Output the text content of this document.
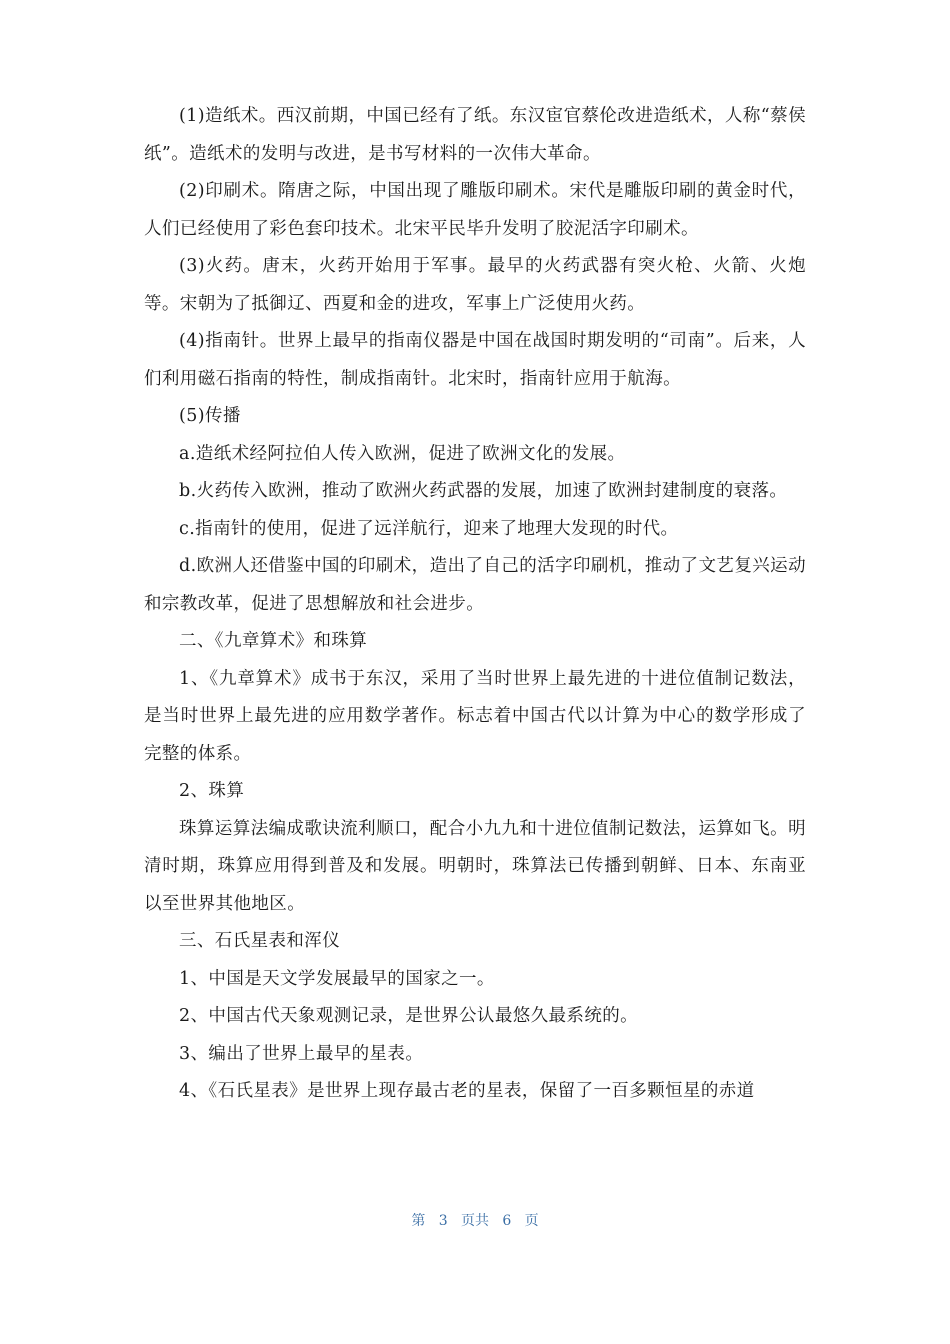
(1)造纸术。西汉前期，中国已经有了纸。东汉宦官蔡伦改进造纸术，人称“蔡侯纸”。造纸术的发明与改进，是书写材料的一次伟大革命。

(2)印刷术。隋唐之际，中国出现了雕版印刷术。宋代是雕版印刷的黄金时代，人们已经使用了彩色套印技术。北宋平民毕升发明了胶泥活字印刷术。

(3)火药。唐末，火药开始用于军事。最早的火药武器有突火枪、火箭、火炮等。宋朝为了抵御辽、西夏和金的进攻，军事上广泛使用火药。

(4)指南针。世界上最早的指南仪器是中国在战国时期发明的“司南”。后来，人们利用磁石指南的特性，制成指南针。北宋时，指南针应用于航海。

(5)传播

a.造纸术经阿拉伯人传入欧洲，促进了欧洲文化的发展。

b.火药传入欧洲，推动了欧洲火药武器的发展，加速了欧洲封建制度的衰落。

c.指南针的使用，促进了远洋航行，迎来了地理大发现的时代。

d.欧洲人还借鉴中国的印刷术，造出了自己的活字印刷机，推动了文艺复兴运动和宗教改革，促进了思想解放和社会进步。

二、《九章算术》和珠算

1、《九章算术》成书于东汉，采用了当时世界上最先进的十进位值制记数法，是当时世界上最先进的应用数学著作。标志着中国古代以计算为中心的数学形成了完整的体系。

2、珠算

珠算运算法编成歌诀流利顺口，配合小九九和十进位值制记数法，运算如飞。明清时期，珠算应用得到普及和发展。明朝时，珠算法已传播到朝鲜、日本、东南亚以至世界其他地区。

三、石氏星表和浑仪

1、中国是天文学发展最早的国家之一。

2、中国古代天象观测记录，是世界公认最悠久最系统的。

3、编出了世界上最早的星表。

4、《石氏星表》是世界上现存最古老的星表，保留了一百多颗恒星的赤道

第 3 页共 6 页
